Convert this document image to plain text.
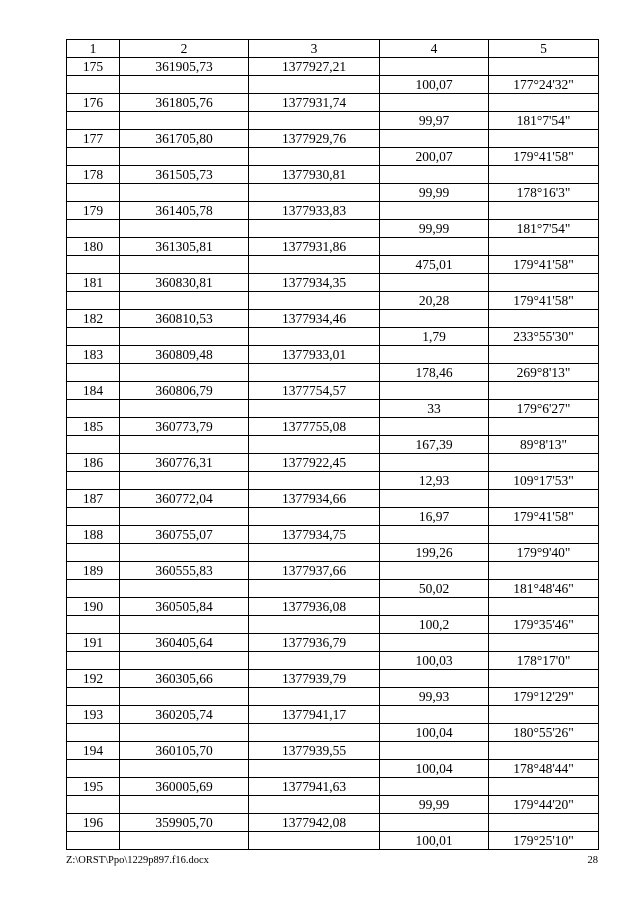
1	2	3	4	5
175	361905,73	1377927,21		
			100,07	177°24'32"
176	361805,76	1377931,74		
			99,97	181°7'54"
177	361705,80	1377929,76		
			200,07	179°41'58"
178	361505,73	1377930,81		
			99,99	178°16'3"
179	361405,78	1377933,83		
			99,99	181°7'54"
180	361305,81	1377931,86		
			475,01	179°41'58"
181	360830,81	1377934,35		
			20,28	179°41'58"
182	360810,53	1377934,46		
			1,79	233°55'30"
183	360809,48	1377933,01		
			178,46	269°8'13"
184	360806,79	1377754,57		
			33	179°6'27"
185	360773,79	1377755,08		
			167,39	89°8'13"
186	360776,31	1377922,45		
			12,93	109°17'53"
187	360772,04	1377934,66		
			16,97	179°41'58"
188	360755,07	1377934,75		
			199,26	179°9'40"
189	360555,83	1377937,66		
			50,02	181°48'46"
190	360505,84	1377936,08		
			100,2	179°35'46"
191	360405,64	1377936,79		
			100,03	178°17'0"
192	360305,66	1377939,79		
			99,93	179°12'29"
193	360205,74	1377941,17		
			100,04	180°55'26"
194	360105,70	1377939,55		
			100,04	178°48'44"
195	360005,69	1377941,63		
			99,99	179°44'20"
196	359905,70	1377942,08		
			100,01	179°25'10"
Z:\ORST\Ppo\1229p897.f16.docx	28
